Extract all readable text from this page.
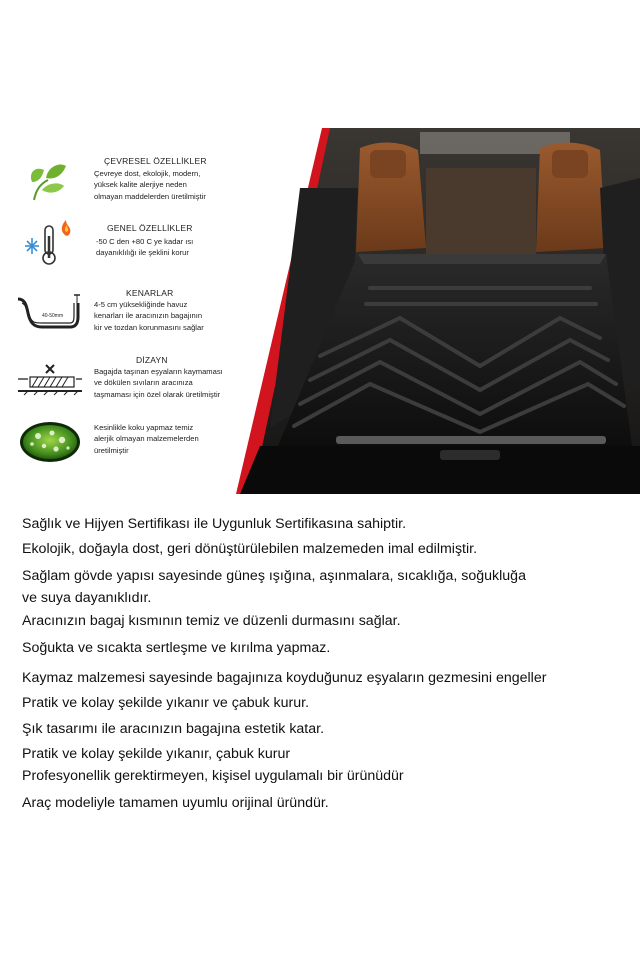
ÇEVRESEL ÖZELLİKLER
Çevreye dost, ekolojik, modern,
yüksek kalite alerjiye neden
olmayan maddelerden üretilmiştir
GENEL ÖZELLİKLER
-50 C den +80 C ye kadar ısı
dayanıklılığı ile şeklini korur
40-50mm
KENARLAR
4-5 cm yüksekliğinde havuz
kenarları ile aracınızın bagajının
kir ve tozdan korunmasını sağlar
DİZAYN
Bagajda taşınan eşyaların kaymaması
ve dökülen sıvıların aracınıza
taşmaması için özel olarak üretilmiştir
Kesinlikle koku yapmaz temiz
alerjik olmayan malzemelerden
üretilmiştir
Sağlık ve Hijyen Sertifikası ile Uygunluk Sertifikasına sahiptir.
Ekolojik, doğayla dost, geri dönüştürülebilen malzemeden imal edilmiştir.
Sağlam gövde yapısı sayesinde güneş ışığına, aşınmalara, sıcaklığa, soğukluğa
ve suya dayanıklıdır.
Aracınızın bagaj kısmının temiz ve düzenli durmasını sağlar.
Soğukta ve sıcakta sertleşme ve kırılma yapmaz.
Kaymaz malzemesi sayesinde bagajınıza koyduğunuz eşyaların gezmesini engeller
Pratik ve kolay şekilde yıkanır ve çabuk kurur.
Şık tasarımı ile aracınızın bagajına estetik katar.
Pratik ve kolay şekilde yıkanır, çabuk kurur
Profesyonellik gerektirmeyen, kişisel uygulamalı bir ürünüdür
Araç modeliyle tamamen uyumlu orijinal üründür.
